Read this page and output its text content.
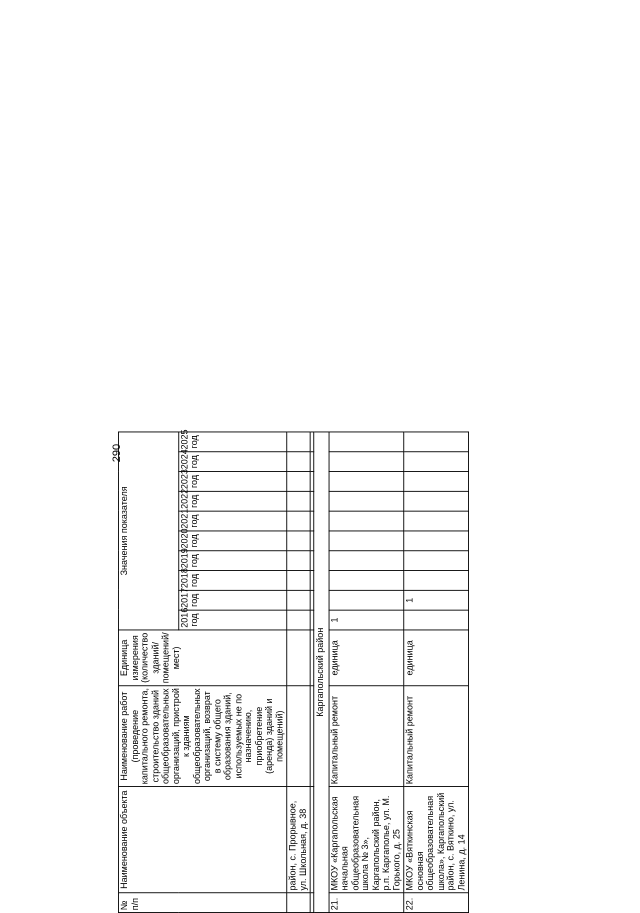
290
№ п/п	Наименование объекта	Наименование работ (проведение капитального ремонта, строительство зданий общеобразовательных организаций, пристрой к зданиям общеобразовательных организаций, возврат в систему общего образования зданий, используемых не по назначению, приобретение (аренда) зданий и помещений)	Единица измерения (количество зданий/ помещений/ мест)	Значения показателя									
				2016 год	2017 год	2018 год	2019 год	2020 год	2021 год	2022 год	2023 год	2024 год	2025 год
	район, с. Прорывное, ул. Школьная, д. 38												

Каргапольский район													
21.	МКОУ «Каргапольская начальная общеобразовательная школа № 3», Каргапольский район, р.п. Каргаполье, ул. М. Горького, д. 25	Капитальный ремонт	единица	1									
22.	МКОУ «Вяткинская основная общеобразовательная школа», Каргапольский район, с. Вяткино, ул. Ленина, д. 14	Капитальный ремонт	единица		1								
